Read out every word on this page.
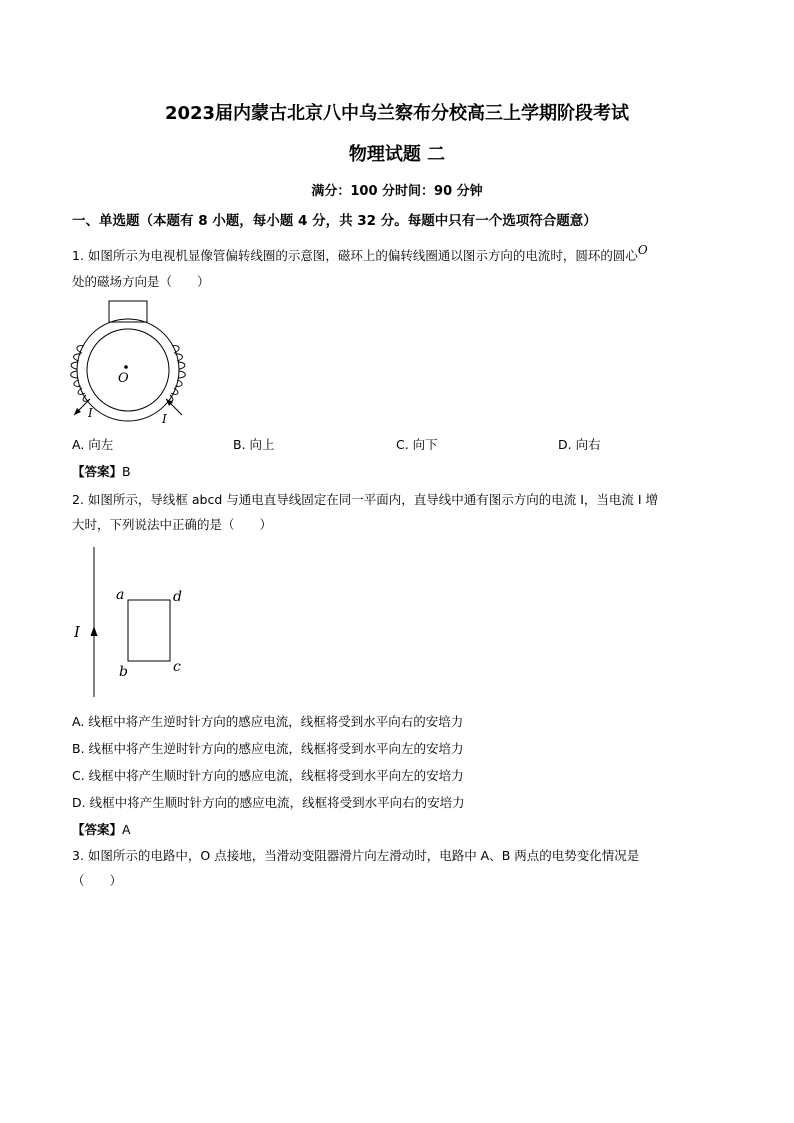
2023届内蒙古北京八中乌兰察布分校高三上学期阶段考试
物理试题 二
满分：100 分时间：90 分钟
一、单选题（本题有 8 小题，每小题 4 分，共 32 分。每题中只有一个选项符合题意）
1. 如图所示为电视机显像管偏转线圈的示意图，磁环上的偏转线圈通以图示方向的电流时，圆环的圆心O
处的磁场方向是（　　）
O
I	I
A. 向左	B. 向上	C. 向下	D. 向右
【答案】B
2. 如图所示，导线框 abcd 与通电直导线固定在同一平面内，直导线中通有图示方向的电流 I，当电流 I 增
大时，下列说法中正确的是（　　）
I
a	d
b	c
A. 线框中将产生逆时针方向的感应电流，线框将受到水平向右的安培力
B. 线框中将产生逆时针方向的感应电流，线框将受到水平向左的安培力
C. 线框中将产生顺时针方向的感应电流，线框将受到水平向左的安培力
D. 线框中将产生顺时针方向的感应电流，线框将受到水平向右的安培力
【答案】A
3. 如图所示的电路中，O 点接地，当滑动变阻器滑片向左滑动时，电路中 A、B 两点的电势变化情况是
（　　）
